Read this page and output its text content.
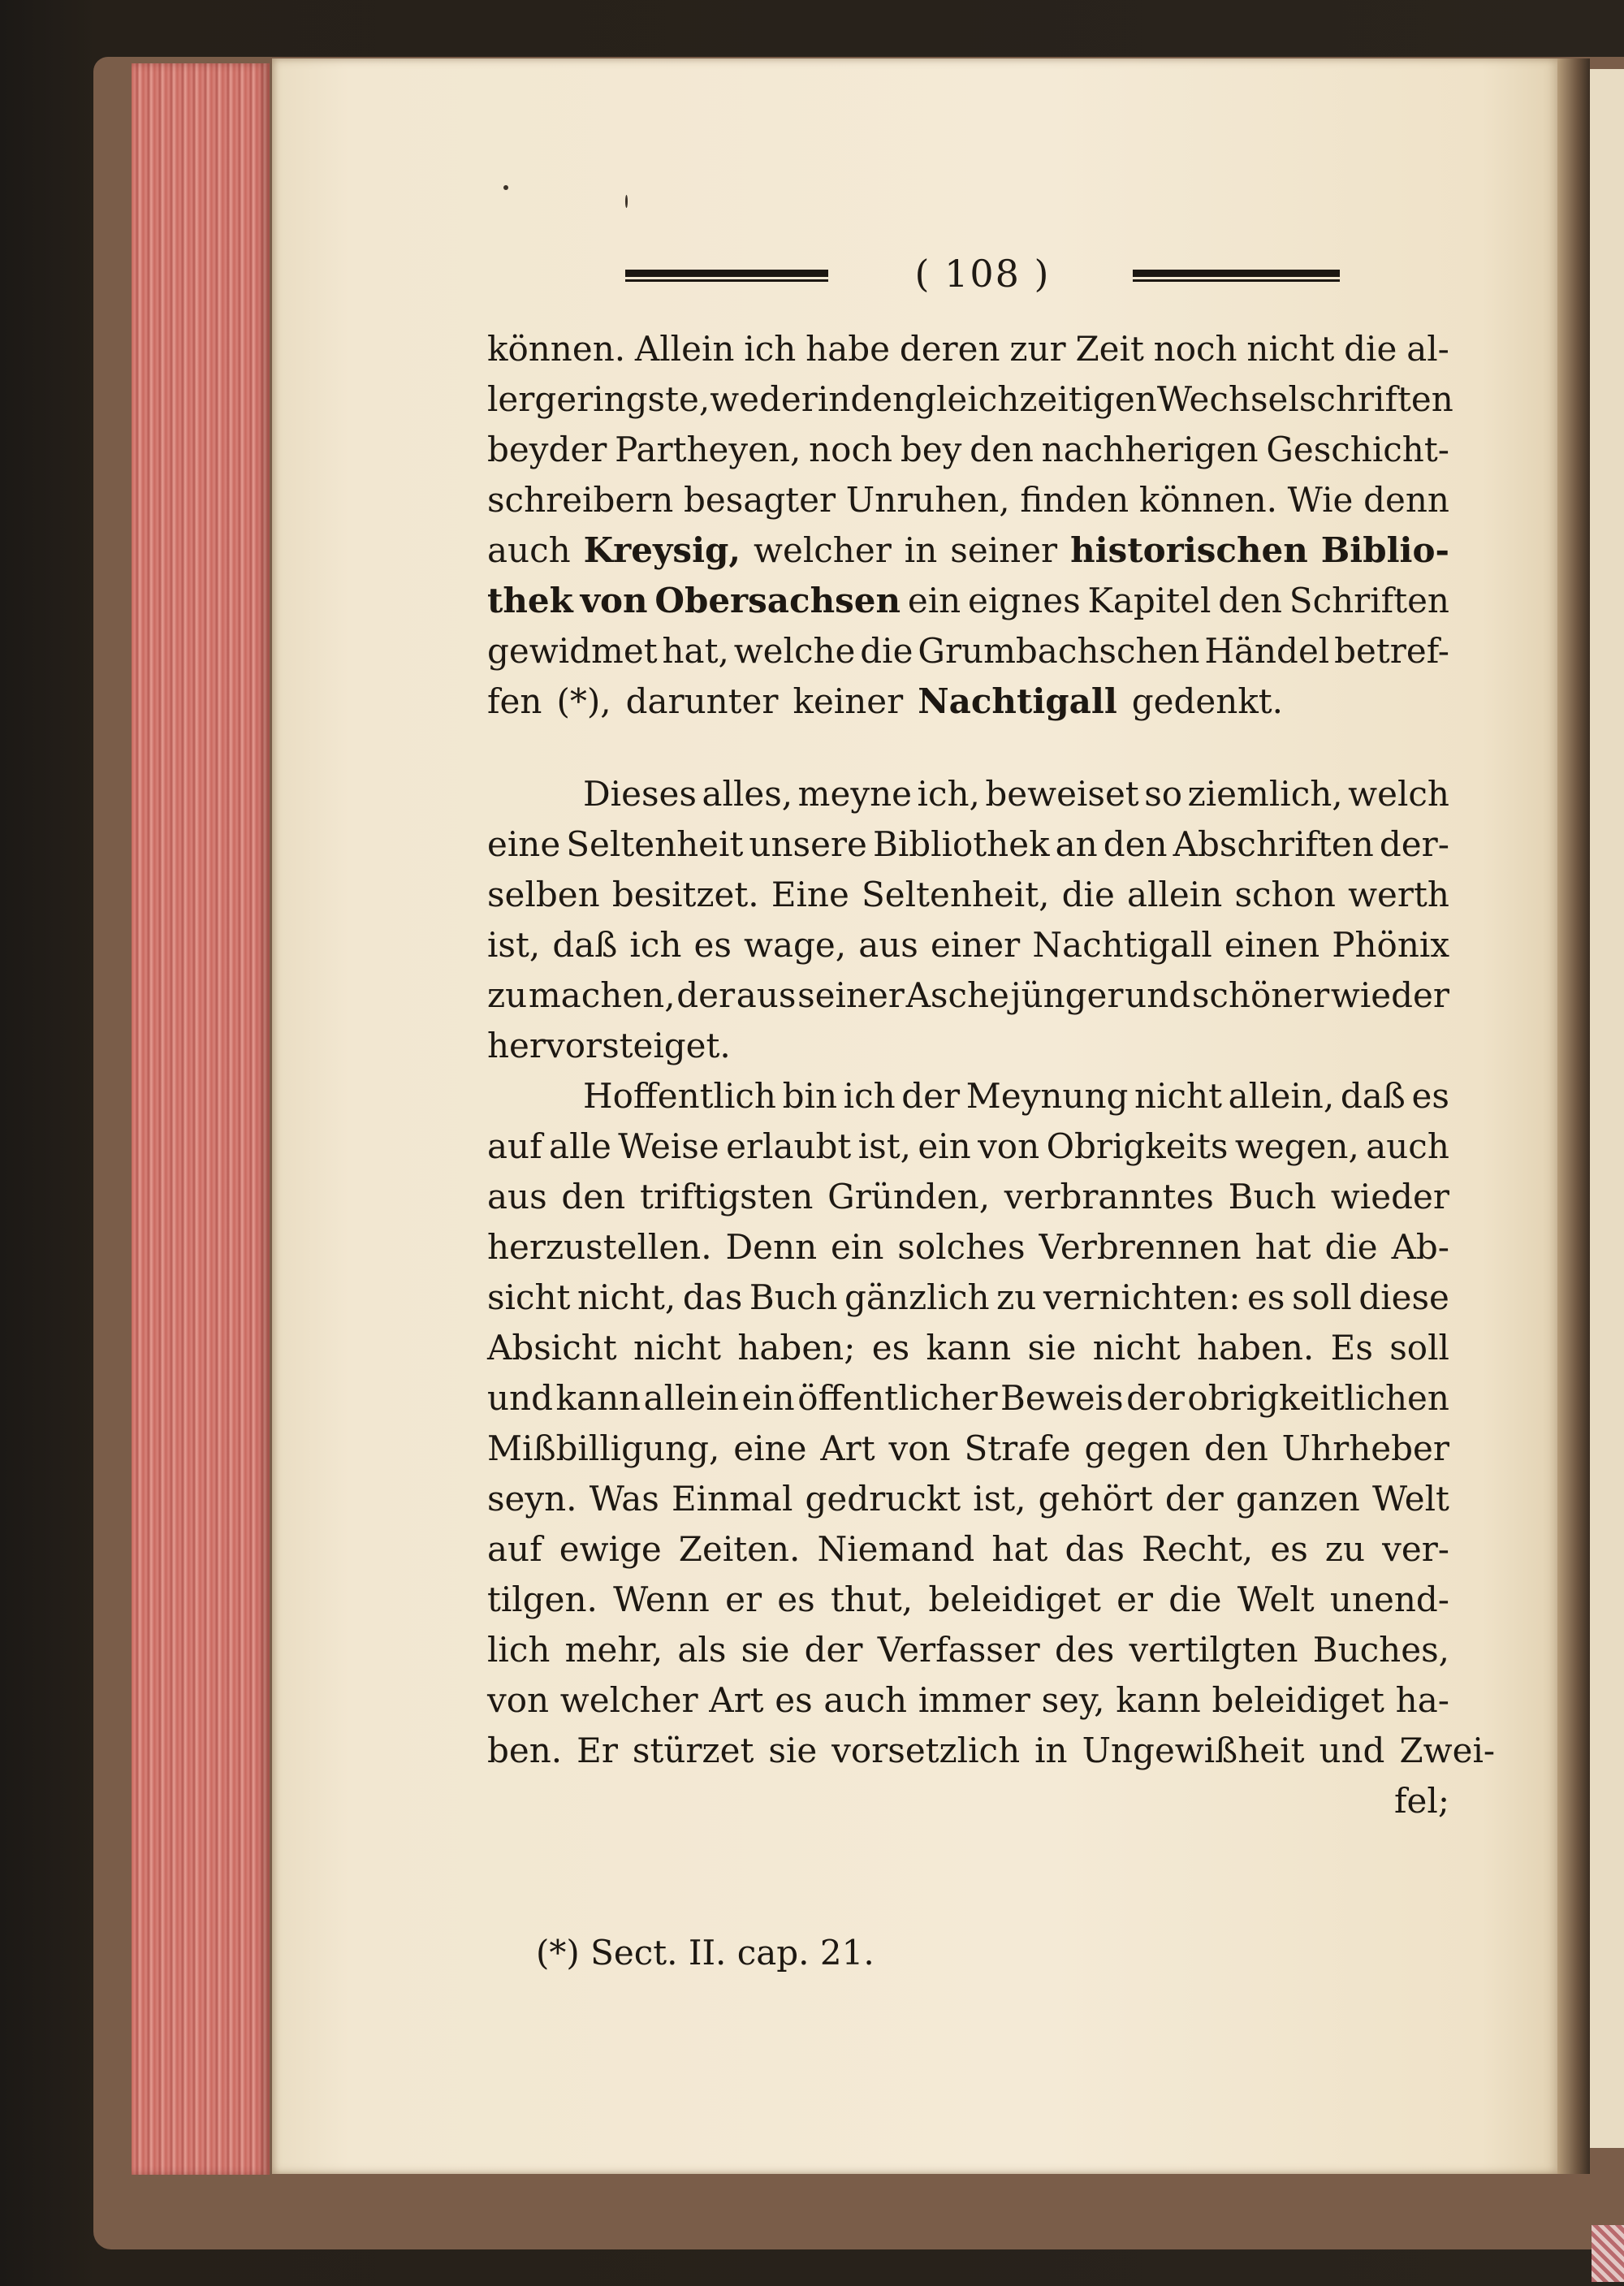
( 108 )
können. Allein ich habe deren zur Zeit noch nicht die al-
lergeringste, weder in den gleichzeitigen Wechselschriften
beyder Partheyen, noch bey den nachherigen Geschicht-
schreibern besagter Unruhen, finden können. Wie denn
auch Kreysig, welcher in seiner historischen Biblio-
thek von Obersachsen ein eignes Kapitel den Schriften
gewidmet hat, welche die Grumbachschen Händel betref-
fen (*), darunter keiner Nachtigall gedenkt.
Dieses alles, meyne ich, beweiset so ziemlich, welch
eine Seltenheit unsere Bibliothek an den Abschriften der-
selben besitzet. Eine Seltenheit, die allein schon werth
ist, daß ich es wage, aus einer Nachtigall einen Phönix
zu machen, der aus seiner Asche jünger und schöner wieder
hervorsteiget.
Hoffentlich bin ich der Meynung nicht allein, daß es
auf alle Weise erlaubt ist, ein von Obrigkeits wegen, auch
aus den triftigsten Gründen, verbranntes Buch wieder
herzustellen. Denn ein solches Verbrennen hat die Ab-
sicht nicht, das Buch gänzlich zu vernichten: es soll diese
Absicht nicht haben; es kann sie nicht haben. Es soll
und kann allein ein öffentlicher Beweis der obrigkeitlichen
Mißbilligung, eine Art von Strafe gegen den Uhrheber
seyn. Was Einmal gedruckt ist, gehört der ganzen Welt
auf ewige Zeiten. Niemand hat das Recht, es zu ver-
tilgen. Wenn er es thut, beleidiget er die Welt unend-
lich mehr, als sie der Verfasser des vertilgten Buches,
von welcher Art es auch immer sey, kann beleidiget ha-
ben. Er stürzet sie vorsetzlich in Ungewißheit und Zwei-
fel;
(*) Sect. II. cap. 21.
